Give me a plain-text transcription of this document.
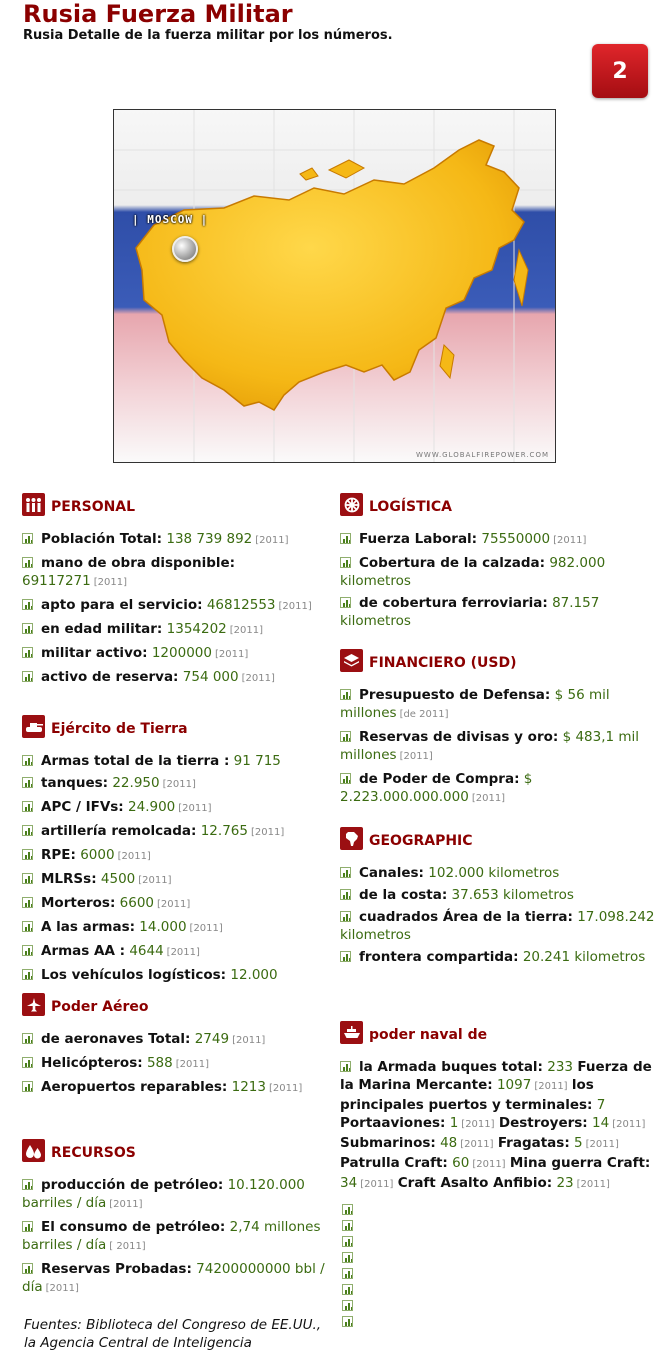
Rusia Fuerza Militar

Rusia Detalle de la fuerza militar por los números.

2
| MOSCOW |
WWW.GLOBALFIREPOWER.COM
PERSONAL
Población Total: 138 739 892 [2011]
mano de obra disponible: 69117271 [2011]
apto para el servicio: 46812553 [2011]
en edad militar: 1354202 [2011]
militar activo: 1200000 [2011]
activo de reserva: 754 000 [2011]
Ejército de Tierra
Armas total de la tierra : 91 715
tanques: 22.950 [2011]
APC / IFVs: 24.900 [2011]
artillería remolcada: 12.765 [2011]
RPE: 6000 [2011]
MLRSs: 4500 [2011]
Morteros: 6600 [2011]
A las armas: 14.000 [2011]
Armas AA : 4644 [2011]
Los vehículos logísticos: 12.000
Poder Aéreo
de aeronaves Total: 2749 [2011]
Helicópteros: 588 [2011]
Aeropuertos reparables: 1213 [2011]
RECURSOS
producción de petróleo: 10.120.000 barriles / día [2011]
El consumo de petróleo: 2,74 millones barriles / día [ 2011]
Reservas Probadas: 74200000000 bbl / día [2011]
LOGÍSTICA
Fuerza Laboral: 75550000 [2011]
Cobertura de la calzada: 982.000 kilometros
de cobertura ferroviaria: 87.157 kilometros
FINANCIERO (USD)
Presupuesto de Defensa: $ 56 mil millones [de 2011]
Reservas de divisas y oro: $ 483,1 mil millones [2011]
de Poder de Compra: $ 2.223.000.000.000 [2011]
GEOGRAPHIC
Canales: 102.000 kilometros
de la costa: 37.653 kilometros
cuadrados Área de la tierra: 17.098.242 kilometros
frontera compartida: 20.241 kilometros
poder naval de
la Armada buques total: 233 Fuerza de la Marina Mercante: 1097 [2011] los principales puertos y terminales: 7 Portaaviones: 1 [2011] Destroyers: 14 [2011] Submarinos: 48 [2011] Fragatas: 5 [2011] Patrulla Craft: 60 [2011] Mina guerra Craft: 34 [2011] Craft Asalto Anfibio: 23 [2011]
Fuentes: Biblioteca del Congreso de EE.UU., la Agencia Central de Inteligencia
